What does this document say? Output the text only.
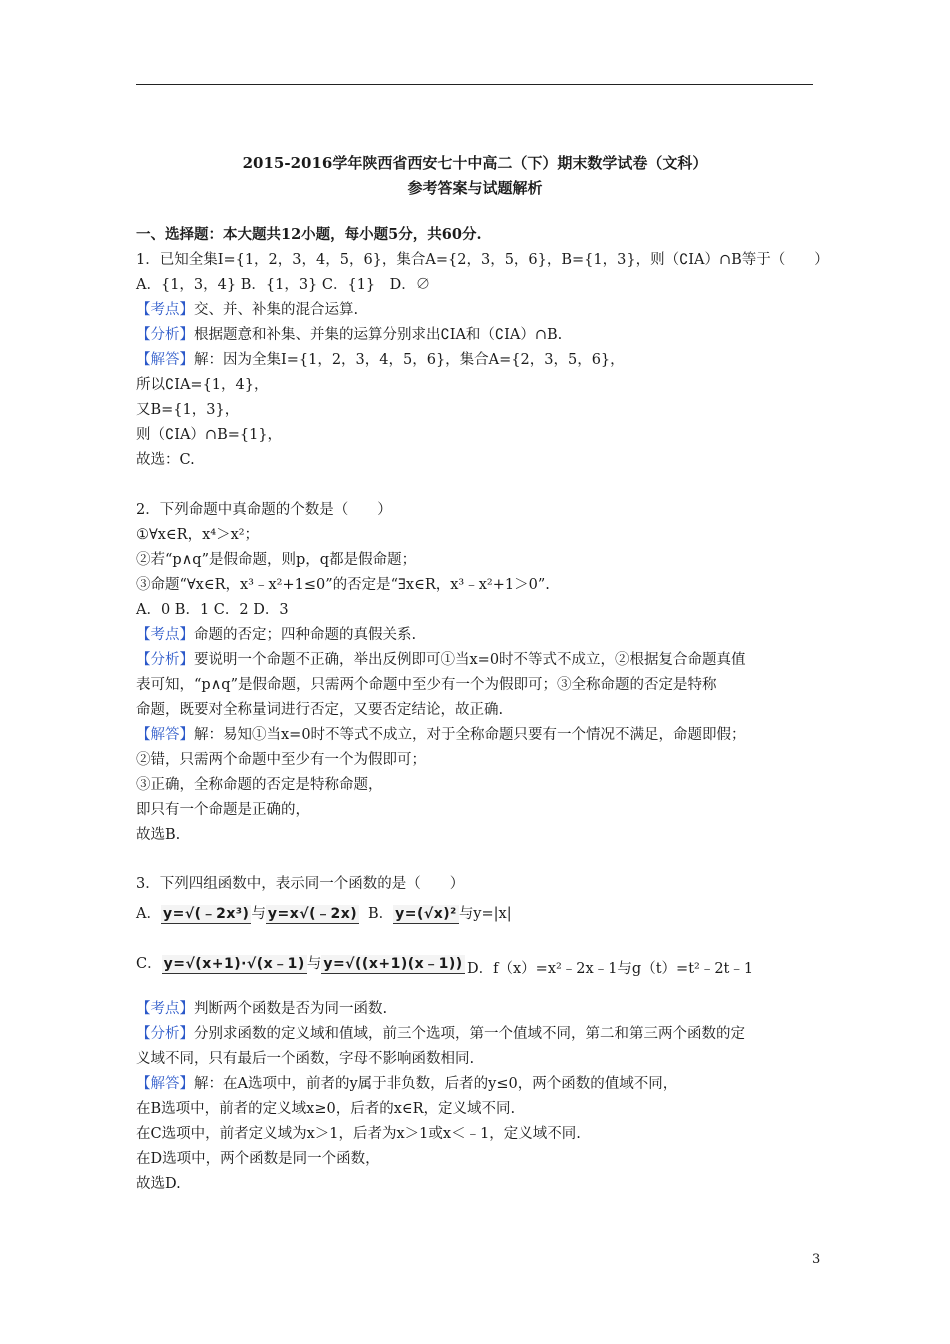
2015-2016学年陕西省西安七十中高二（下）期末数学试卷（文科）
参考答案与试题解析
一、选择题：本大题共12小题，每小题5分，共60分.
1．已知全集I={1，2，3，4，5，6}，集合A={2，3，5，6}，B={1，3}，则（∁IA）∩B等于（　　）
A．{1，3，4} B．{1，3} C．{1}　D．∅
【考点】交、并、补集的混合运算.
【分析】根据题意和补集、并集的运算分别求出∁IA和（∁IA）∩B.
【解答】解：因为全集I={1，2，3，4，5，6}，集合A={2，3，5，6}，
所以∁IA={1，4}，
又B={1，3}，
则（∁IA）∩B={1}，
故选：C.
2．下列命题中真命题的个数是（　　）
①∀x∈R，x⁴＞x²；
②若“p∧q”是假命题，则p，q都是假命题；
③命题“∀x∈R，x³﹣x²+1≤0”的否定是“∃x∈R，x³﹣x²+1＞0”.
A．0 B．1 C．2 D．3
【考点】命题的否定；四种命题的真假关系.
【分析】要说明一个命题不正确，举出反例即可①当x=0时不等式不成立，②根据复合命题真值
表可知，“p∧q”是假命题，只需两个命题中至少有一个为假即可；③全称命题的否定是特称
命题，既要对全称量词进行否定，又要否定结论，故正确.
【解答】解：易知①当x=0时不等式不成立，对于全称命题只要有一个情况不满足，命题即假；
②错，只需两个命题中至少有一个为假即可；
③正确，全称命题的否定是特称命题，
即只有一个命题是正确的，
故选B.
3．下列四组函数中，表示同一个函数的是（　　）
A． y=√(﹣2x³) 与 y=x√(﹣2x) B． y=(√x)² 与y=|x|
C． y=√(x+1)·√(x﹣1) 与 y=√((x+1)(x﹣1)) D．f（x）=x²﹣2x﹣1与g（t）=t²﹣2t﹣1
【考点】判断两个函数是否为同一函数.
【分析】分别求函数的定义域和值域，前三个选项，第一个值域不同，第二和第三两个函数的定
义域不同，只有最后一个函数，字母不影响函数相同.
【解答】解：在A选项中，前者的y属于非负数，后者的y≤0，两个函数的值域不同，
在B选项中，前者的定义域x≥0，后者的x∈R，定义域不同.
在C选项中，前者定义域为x＞1，后者为x＞1或x＜﹣1，定义域不同.
在D选项中，两个函数是同一个函数，
故选D.
3
